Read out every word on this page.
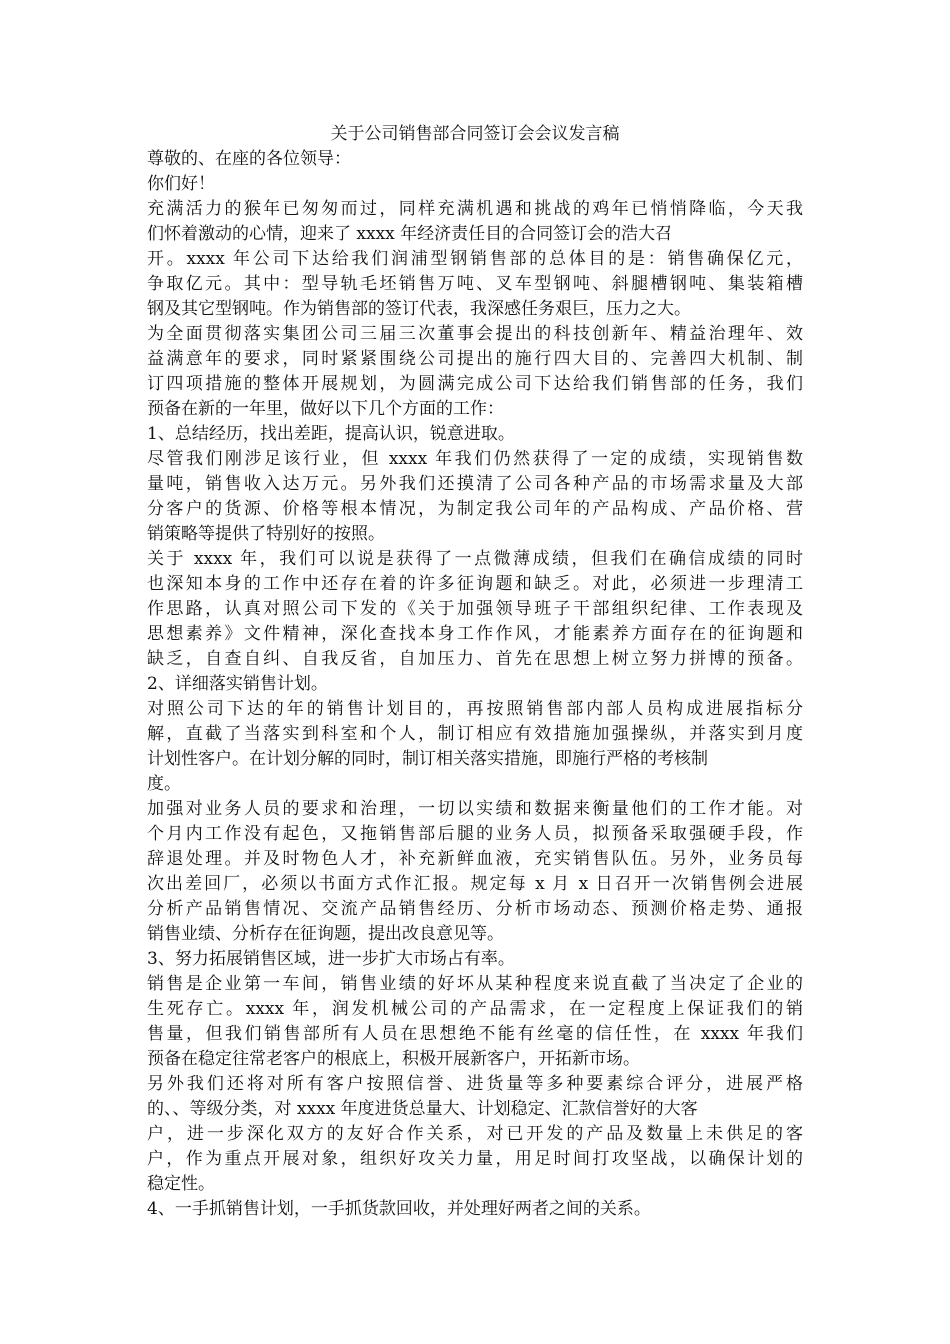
关于公司销售部合同签订会会议发言稿
尊敬的、在座的各位领导：
你们好！
充满活力的猴年已匆匆而过，同样充满机遇和挑战的鸡年已悄悄降临，今天我
们怀着激动的心情，迎来了 xxxx 年经济责任目的合同签订会的浩大召
开。xxxx 年公司下达给我们润浦型钢销售部的总体目的是：销售确保亿元，
争取亿元。其中：型导轨毛坯销售万吨、叉车型钢吨、斜腿槽钢吨、集装箱槽
钢及其它型钢吨。作为销售部的签订代表，我深感任务艰巨，压力之大。
为全面贯彻落实集团公司三届三次董事会提出的科技创新年、精益治理年、效
益满意年的要求，同时紧紧围绕公司提出的施行四大目的、完善四大机制、制
订四项措施的整体开展规划，为圆满完成公司下达给我们销售部的任务，我们
预备在新的一年里，做好以下几个方面的工作：
1、总结经历，找出差距，提高认识，锐意进取。
尽管我们刚涉足该行业，但 xxxx 年我们仍然获得了一定的成绩，实现销售数
量吨，销售收入达万元。另外我们还摸清了公司各种产品的市场需求量及大部
分客户的货源、价格等根本情况，为制定我公司年的产品构成、产品价格、营
销策略等提供了特别好的按照。
关于 xxxx 年，我们可以说是获得了一点微薄成绩，但我们在确信成绩的同时
也深知本身的工作中还存在着的许多征询题和缺乏。对此，必须进一步理清工
作思路，认真对照公司下发的《关于加强领导班子干部组织纪律、工作表现及
思想素养》文件精神，深化查找本身工作作风，才能素养方面存在的征询题和
缺乏，自查自纠、自我反省，自加压力、首先在思想上树立努力拼博的预备。
2、详细落实销售计划。
对照公司下达的年的销售计划目的，再按照销售部内部人员构成进展指标分
解，直截了当落实到科室和个人，制订相应有效措施加强操纵，并落实到月度
计划性客户。在计划分解的同时，制订相关落实措施，即施行严格的考核制
度。
加强对业务人员的要求和治理，一切以实绩和数据来衡量他们的工作才能。对
个月内工作没有起色，又拖销售部后腿的业务人员，拟预备采取强硬手段，作
辞退处理。并及时物色人才，补充新鲜血液，充实销售队伍。另外，业务员每
次出差回厂，必须以书面方式作汇报。规定每 x 月 x 日召开一次销售例会进展
分析产品销售情况、交流产品销售经历、分析市场动态、预测价格走势、通报
销售业绩、分析存在征询题，提出改良意见等。
3、努力拓展销售区域，进一步扩大市场占有率。
销售是企业第一车间，销售业绩的好坏从某种程度来说直截了当决定了企业的
生死存亡。xxxx 年，润发机械公司的产品需求，在一定程度上保证我们的销
售量，但我们销售部所有人员在思想绝不能有丝毫的信任性，在 xxxx 年我们
预备在稳定往常老客户的根底上，积极开展新客户，开拓新市场。
另外我们还将对所有客户按照信誉、进货量等多种要素综合评分，进展严格
的、、等级分类，对 xxxx 年度进货总量大、计划稳定、汇款信誉好的大客
户，进一步深化双方的友好合作关系，对已开发的产品及数量上未供足的客
户，作为重点开展对象，组织好攻关力量，用足时间打攻坚战，以确保计划的
稳定性。
4、一手抓销售计划，一手抓货款回收，并处理好两者之间的关系。
